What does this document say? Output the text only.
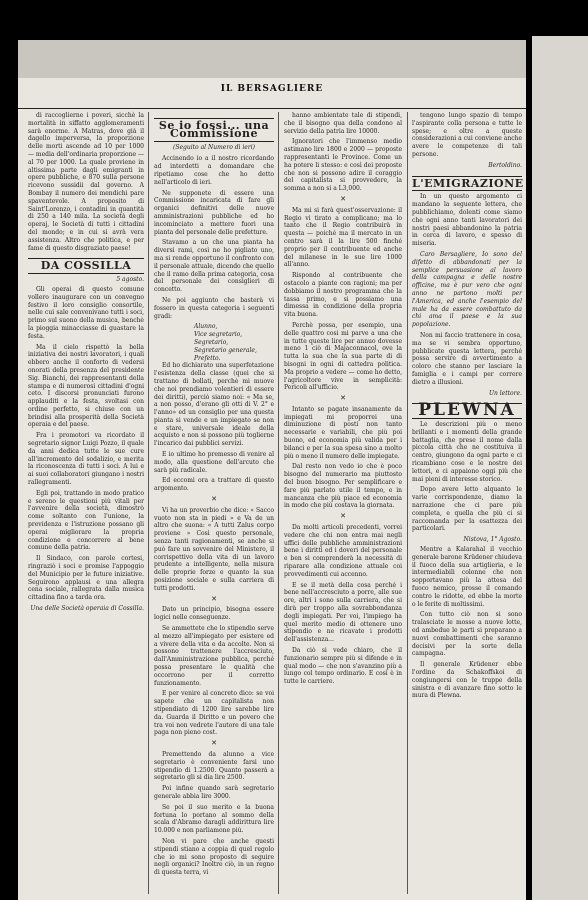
IL BERSAGLIERE

di raccoglierne i poveri, sicchè la mortalità in siffatto agglomeramenti sarà enorme. A Matras, dove già il dagello imperversa, la proporzione delle morti ascende ad 10 per 1000 — media dell'ordinaria proporzione — al 70 per 1000. La quale proviene in altissima parte dagli emigranti in opere pubbliche, e 870 sulla persone ricevono sussidii dal governo. A Bombay il numero dei mendichi pare spaventevole. A proposito di Saint'Lorenzo, i contadini in quantità di 250 a 140 mila. La società degli operaj, le Società di tutti i cittadini del mondo; e in cui si avrà vera assistenza. Altro che politica, e per fame di questo disgraziato paese!

DA COSSILLA
5 agosto.

Gli operai di questo comune vollero inaugurare con un convegno festivo il loro consiglio consortile, nelle cui sale convenivano tutti i soci, primo sul suono della musica, benchè la pioggia minacciasse di guastare la festa.

Ma il cielo rispettò la bella iniziativa dei nostri lavoratori, i quali ebbero anche il conforto di vedersi onorati della presenza del presidente Sig. Bianchi, dei rappresentanti della stampa e di numerosi cittadini d'ogni ceto. I discorsi pronunciati furono applauditi e la festa, svoltasi con ordine perfetto, si chiuse con un brindisi alla prosperità della Società operaia e del paese.

Fra i promotori va ricordato il segretario signor Luigi Pozzo, il quale da anni dedica tutte le sue cure all'incremento del sodalizio, e merita la riconoscenza di tutti i soci. A lui e ai suoi collaboratori giungano i nostri rallegramenti.

Egli poi, trattando in modo pratico e sereno le questioni più vitali per l'avvenire della società, dimostrò come soltanto con l'unione, la previdenza e l'istruzione possano gli operai migliorare la propria condizione e concorrere al bene comune della patria.

Il Sindaco, con parole cortesi, ringraziò i soci e promise l'appoggio del Municipio per le future iniziative. Seguirono applausi e una allegra cena sociale, rallegrata dalla musica cittadina fino a tarda ora.

Una delle Società operaia di Cossilla.
Se io fossi... una Commissione
(Seguito al Numero di ieri)

Accinendo io a il nostro ricordando ad interdetti a domandare che ripetiamo cose che ho detto nell'articolo di ieri.

Ne supponete di essere una Commissione incaricata di fare gli organici definitivi delle nuove amministrazioni pubbliche ed ho incominciato a mettere fuori una pianta del personale delle prefetture.

Stavamo a un che una pianta ha diversi rami, così ne ho pigliato uno, ma si rende opportuno il confronto con il personale attuale, dicendo che quello che il ramo della prima categoria, cosa del personale dei consiglieri di concetto.

Ne poi aggiunto che basterà vi fossero in questa categoria i seguenti gradi:

Alunno,
Vice segretario,
Segretario,
Segretario generale,
Prefetto.

Ed ho dichiarato una superfetazione l'esistenza della classe (quei che si trattano di bollati, perchè mi muove che noi prendiamo volentieri di essere dei diritti), perciò siamo noi: « Ma se, a non posso, d'erano gli otti di V. 2° e l'anno» ed un consiglio per una questa pianta si vende e un impiegato se non e stare, universale ideale della acquisto e non si possono più toglierne l'incarico dai pubblici servizi.

E io ultimo ho premesso di venire al modo, alla questione dell'arcuto che sarà più radicale.

Ed eccomi ora a trattare di questo argomento.

✕

Vi ha un proverbio che dice: « Sacco vuoto non sta in piedi » e Va de un altro che suona: « A tutti Zalus corpo proviene » Così questo personale, senza tanti ragionamenti, se anche si può fare un sovvenire del Ministero, il corrispettivo della vita di un lavoro prudente a intelligente, nella misura delle proprie forze e quanto la sua posizione sociale e sulla carriera di tutti prodotti.

✕

Dato un principio, bisogna essere logici nelle conseguenze.

Se ammettete che lo stipendio serve al mezzo all'impiegato per esistere ed a vivere della vita e da accolte. Non si possono trattenere l'accresciuto, dall'Amministrazione pubblica, perché possa presentare le qualità che occorrono per il corretto funzionamento.

E per venire al concreto dico: se voi sapete che un capitalista non stipendiato di 1200 lire sarebbe lire da. Guarda il Diritto e un povero che tra voi non vedrete l'autore di una tale paga non pieno cost.

✕

Premettendo da alunno a vice segretario è conveniente farsi uno stipendio di 1.2500. Quanto passerà a segretario gli si dia lire 2500.

Poi infine quando sarà segretario generale abbia lire 3000.

Se poi il suo merito e la buona fortuna lo portano al sommo della scala d'Abramo daragli addirittura lire 10.000 e non parliamone più.

Non vi pare che anche questi stipendi stiano a coppia di quel regolo che io mi sono proposto di seguire negli organici? Inoltre ciò, in un regno di questa terra, vi

hanno ambientate tale di stipendi, che il bisogno qua della condono al servizio della patria lire 10000.

Ignoratori che l'immenso medio astimano lire 1800 e 2000 — proposte rappresentanti le Province. Come un ha potere li stesso: e così dei proposte che non si possono adire il coraggio del capitalista si provvedere, la somma a non si a L3,000.

✕

Ma mi si farà quest'osservazione: il Regio vi tirato a complicano; ma lo tanto che il Regio contribuirà in questa — poiché ma il mercato in un centro sarà il la lire 500 finché proprio per il contribuente ed anche del milanese in le sue lire 1000 all'anno.

Rispondo al contribuente che ostacolo a piante con ragioni; ma per dobbiamo il nostro programma che la tassa primo, e si possiamo una dimessa in condizione della propria vita buona.

Perchè possa, per esempio, una delle quattro cosi mi parve a una che in tutte queste lire per annuo dovesse meno 1 ciò di Majaconnacol, ove la tutta la sua che la sua parte di di bisogni in ogni di cattedra politica. Ma proprio a vedere — come ho detto, l'agricoltore vive in semplicità: Pericoli all'ufficio.

✕

Intanto se pagate insanamente da impiegati mi proporrei una diminuzione di posti non tanto necessarie e variabili, che più poi buono, ed economia più valida per i bilanci e per la sua spesa sino a molto più o meno il numero delle impiegate.

Dal resto non vedo io che è poco bisogno del numerario ma piuttosto del buon bisogno. Per semplificare e fare più parlato utile il tempo, e in mancanza che più piace ed economia in modo che più costava la giornata.

✕

Da molti articoli precedenti, vorrei vedere che chi non entra mai negli uffici delle pubbliche amministrazioni bene i diritti ed i doveri del personale e ben si comprenderà la necessità di riparare alla condizione attuale coi provvedimenti cui accenno.

E se il metà della cosa perché i bene nell'accresciuto a porre, alle sue ore, altri i sono sulla carriera, che si dirà per troppo alla sovrabbondanza degli impiegati. Per voi, l'impiego ha quel merito medio di ottenere uno stipendio e ne ricavate i prodotti dell'assistenza...

Da ciò si vede chiaro, che il funzionario sempre più si difende e in qual modo — che non s'avanzino più a lungo col tempo ordinario. E così è in tutte le carriere.

tengono lungo spazio di tempo l'aspirante colla persona e tutte le spese; e oltre a queste considerazioni a cui conviene anche avere le competenze di tali persone.

Bertoldino.
L'EMIGRAZIONE

In un questo argomento ci mandano la seguente lettera, che pubblichiamo, dolenti come siamo che ogni anno tanti lavoratori dei nostri paesi abbandonino la patria in cerca di lavoro, e spesso di miseria.

Caro Bersagliere, Io sono del difetto di abbandonati per la semplice persuasione al lavoro della campagna e delle nostre officine, ma è pur vero che ogni anno ne partono molti per l'America, ed anche l'esempio del male ha da essere combattuto da chi ama il paese e la sua popolazione.

Non mi faccio trattenere in cosa, ma se vi sembra opportuno, pubblicate questa lettera, perché possa servire di avvertimento a coloro che stanno per lasciare la famiglia e i campi per correre dietro a illusioni.

Un lettore.
PLEWNA

Le descrizioni più o meno brillanti e i momenti della grande battaglia, che prese il nome dalla piccola città che ne costituiva il centro, giungono da ogni parte e ci ricambiano cose e le nostre dei lettori, e ci appaiono oggi più che mai pieni di interesse storico.

Dopo avere letto alquanto le varie corrispondenze, diamo la narrazione che ci pare più completa, e quella che più ci si raccomanda per la esattezza dei particolari.

Nistova, 1° Agosto.

Mentre a Kalarahal il vecchio generale barone Krüdener chiudeva il fuoco della sua artiglieria, e le intermediabili colonne che non sopportavano più la attesa del fuoco nemico, prosse il comando contro le ridotte, ed ebbe la morte o le ferite di moltissimi.

Con tutto ciò non si sono tralasciate le mosse a nuove lotte, ed ambedue le parti si preparano a nuovi combattimenti che saranno decisivi per la sorte della campagna.

Il generale Krüdener ebbe l'ordine da Schakoffskoi di congiungersi con le truppe della sinistra e di avanzare fino sotto le mura di Plewna.
